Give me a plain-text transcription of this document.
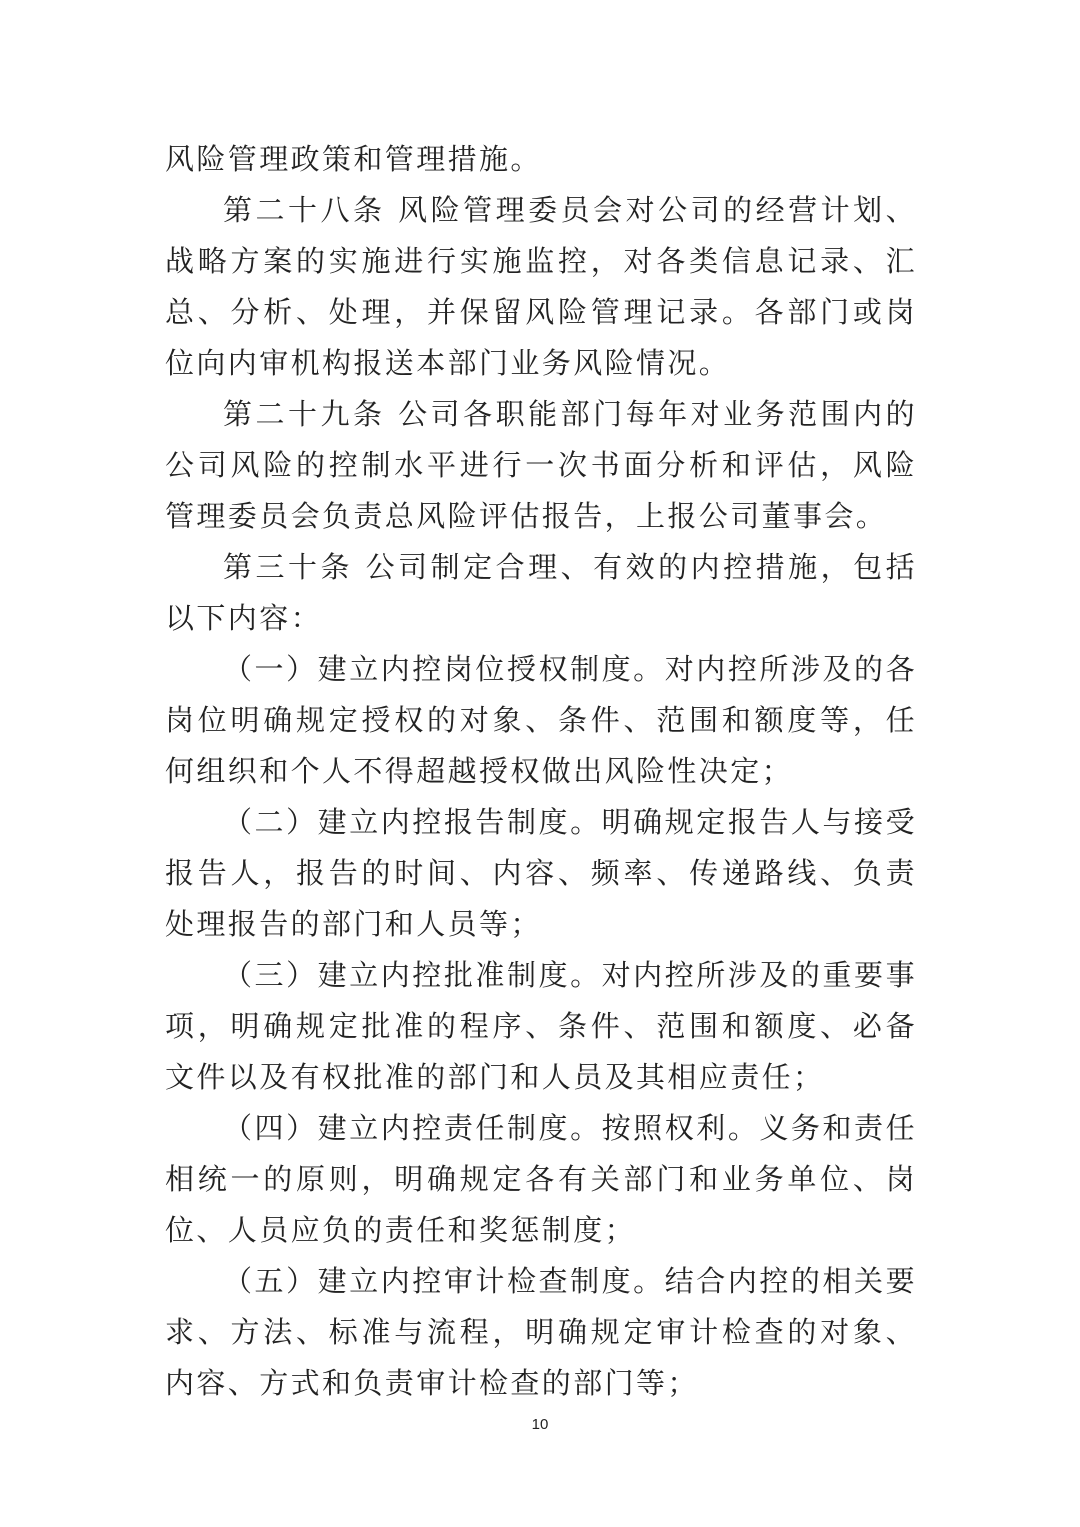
风险管理政策和管理措施。

第二十八条 风险管理委员会对公司的经营计划、战略方案的实施进行实施监控，对各类信息记录、汇总、分析、处理，并保留风险管理记录。各部门或岗位向内审机构报送本部门业务风险情况。

第二十九条 公司各职能部门每年对业务范围内的公司风险的控制水平进行一次书面分析和评估，风险管理委员会负责总风险评估报告，上报公司董事会。

第三十条 公司制定合理、有效的内控措施，包括以下内容：

（一）建立内控岗位授权制度。对内控所涉及的各岗位明确规定授权的对象、条件、范围和额度等，任何组织和个人不得超越授权做出风险性决定；

（二）建立内控报告制度。明确规定报告人与接受报告人，报告的时间、内容、频率、传递路线、负责处理报告的部门和人员等；

（三）建立内控批准制度。对内控所涉及的重要事项，明确规定批准的程序、条件、范围和额度、必备文件以及有权批准的部门和人员及其相应责任；

（四）建立内控责任制度。按照权利。义务和责任相统一的原则，明确规定各有关部门和业务单位、岗位、人员应负的责任和奖惩制度；

（五）建立内控审计检查制度。结合内控的相关要求、方法、标准与流程，明确规定审计检查的对象、内容、方式和负责审计检查的部门等；

10
